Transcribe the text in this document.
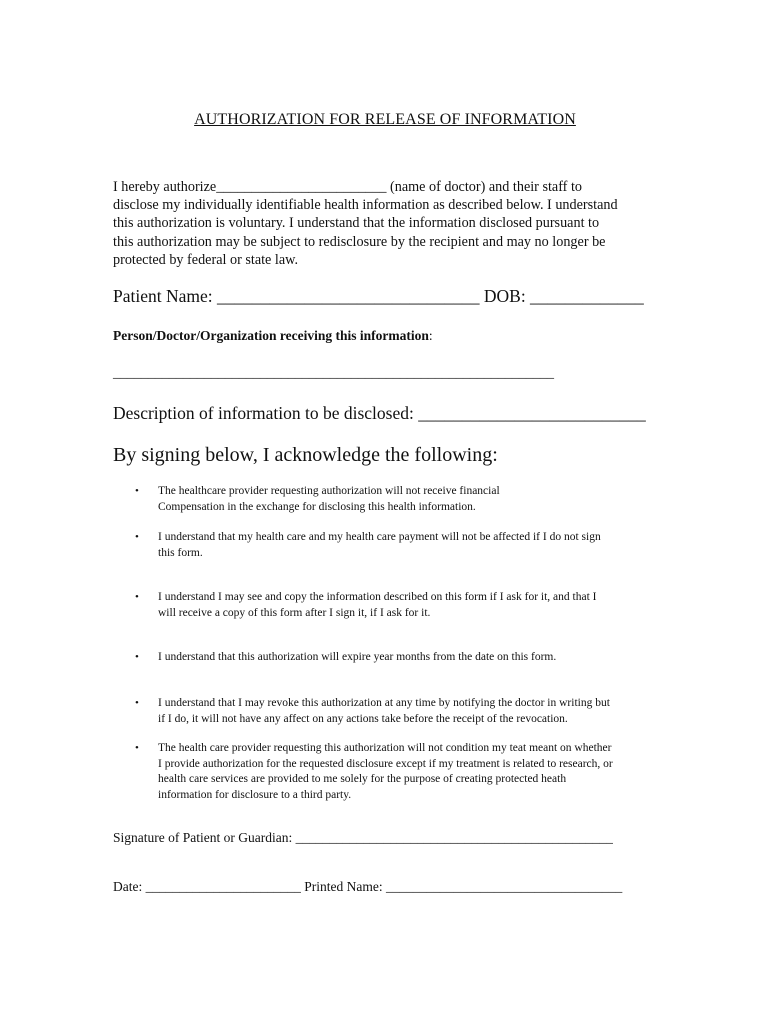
AUTHORIZATION FOR RELEASE OF INFORMATION
I hereby authorize________________________ (name of doctor) and their staff to
disclose my individually identifiable health information as described below. I understand
this authorization is voluntary. I understand that the information disclosed pursuant to
this authorization may be subject to redisclosure by the recipient and may no longer be
protected by federal or state law.
Patient Name: ______________________________ DOB: _____________
Person/Doctor/Organization receiving this information:
_______________________________________________________________
Description of information to be disclosed: __________________________
By signing below, I acknowledge the following:
• The healthcare provider requesting authorization will not receive financial
Compensation in the exchange for disclosing this health information.
• I understand that my health care and my health care payment will not be affected if I do not sign
this form.
• I understand I may see and copy the information described on this form if I ask for it, and that I
will receive a copy of this form after I sign it, if I ask for it.
• I understand that this authorization will expire year months from the date on this form.
• I understand that I may revoke this authorization at any time by notifying the doctor in writing but
if I do, it will not have any affect on any actions take before the receipt of the revocation.
• The health care provider requesting this authorization will not condition my teat meant on whether
I provide authorization for the requested disclosure except if my treatment is related to research, or
health care services are provided to me solely for the purpose of creating protected heath
information for disclosure to a third party.
Signature of Patient or Guardian: _______________________________________________
Date: _______________________ Printed Name: ___________________________________
